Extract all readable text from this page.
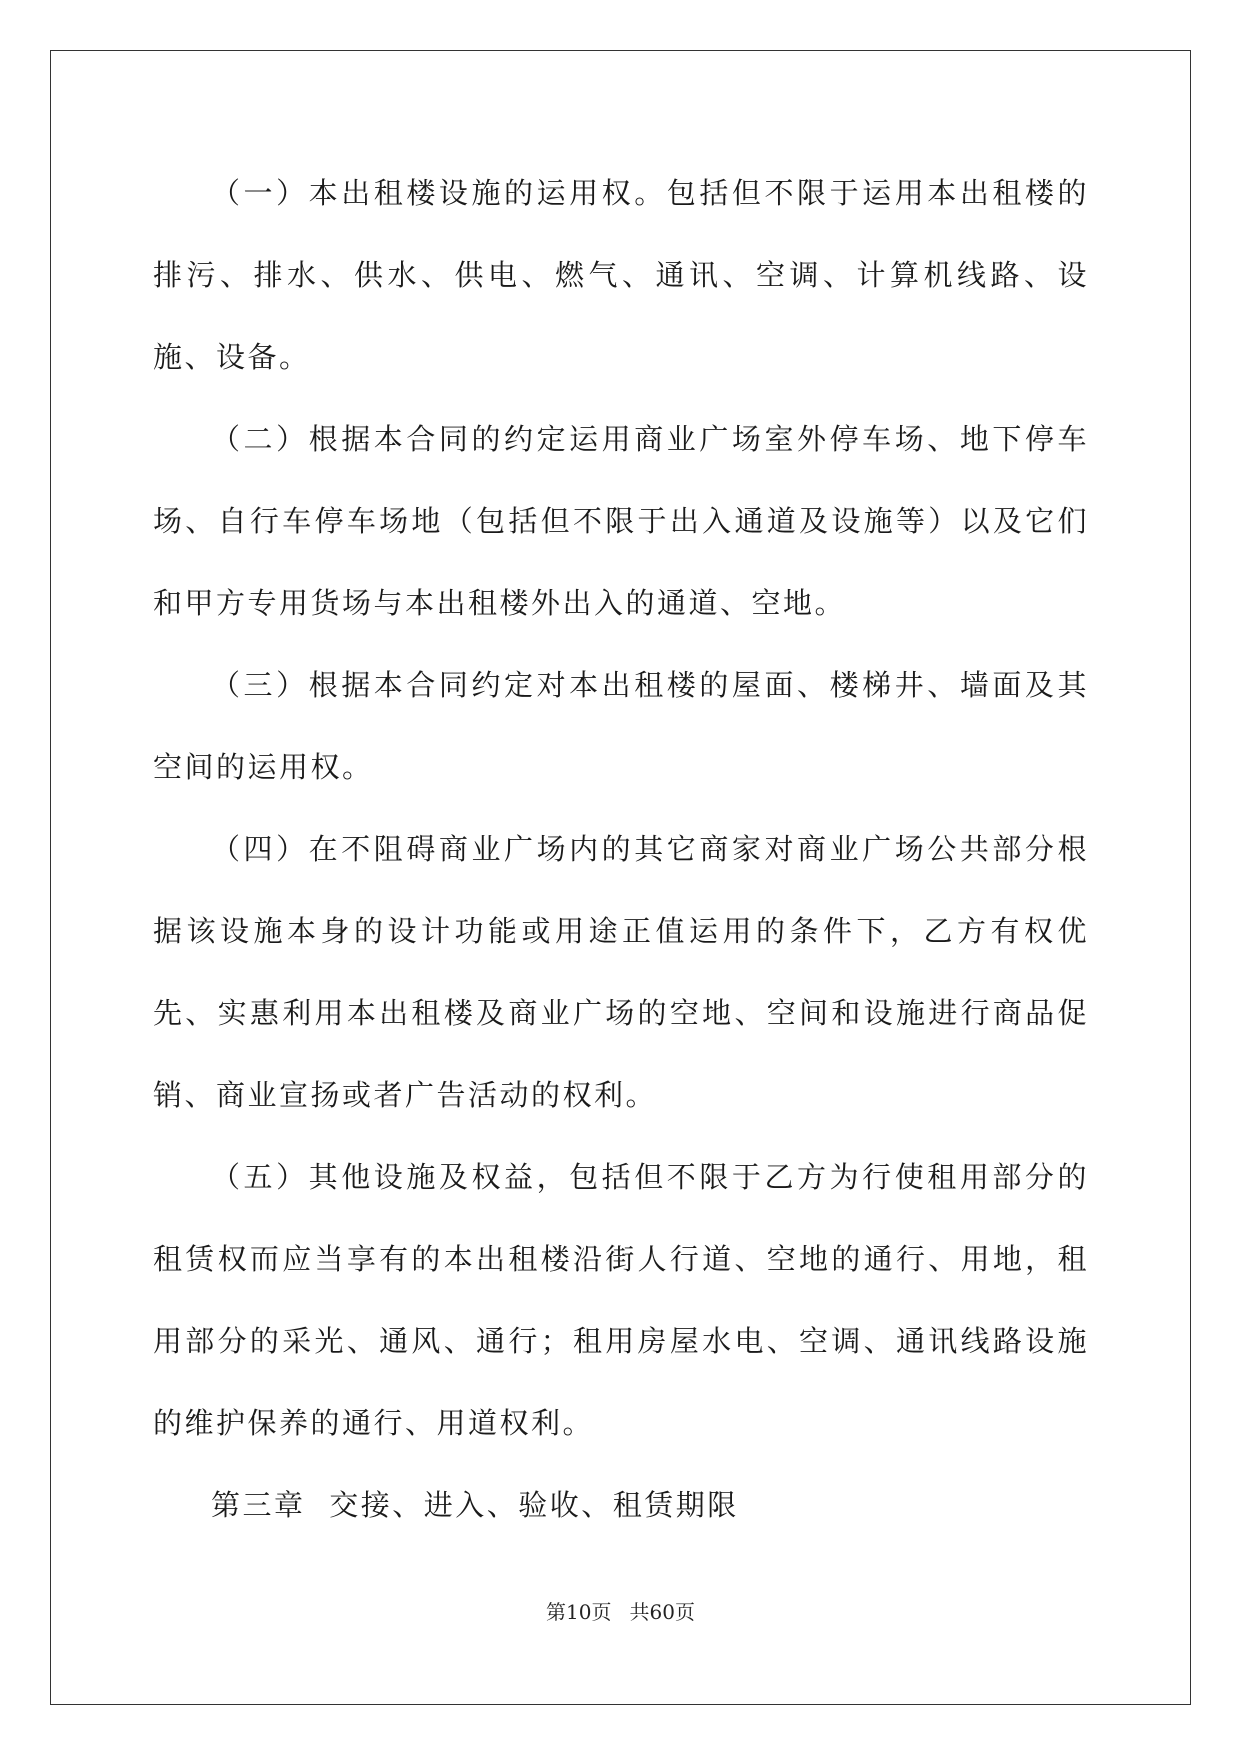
（一）本出租楼设施的运用权。包括但不限于运用本出租楼的排污、排水、供水、供电、燃气、通讯、空调、计算机线路、设施、设备。

（二）根据本合同的约定运用商业广场室外停车场、地下停车场、自行车停车场地（包括但不限于出入通道及设施等）以及它们和甲方专用货场与本出租楼外出入的通道、空地。

（三）根据本合同约定对本出租楼的屋面、楼梯井、墙面及其空间的运用权。

（四）在不阻碍商业广场内的其它商家对商业广场公共部分根据该设施本身的设计功能或用途正值运用的条件下，乙方有权优先、实惠利用本出租楼及商业广场的空地、空间和设施进行商品促销、商业宣扬或者广告活动的权利。

（五）其他设施及权益，包括但不限于乙方为行使租用部分的租赁权而应当享有的本出租楼沿街人行道、空地的通行、用地，租用部分的采光、通风、通行；租用房屋水电、空调、通讯线路设施的维护保养的通行、用道权利。

第三章 交接、进入、验收、租赁期限

第10页 共60页
